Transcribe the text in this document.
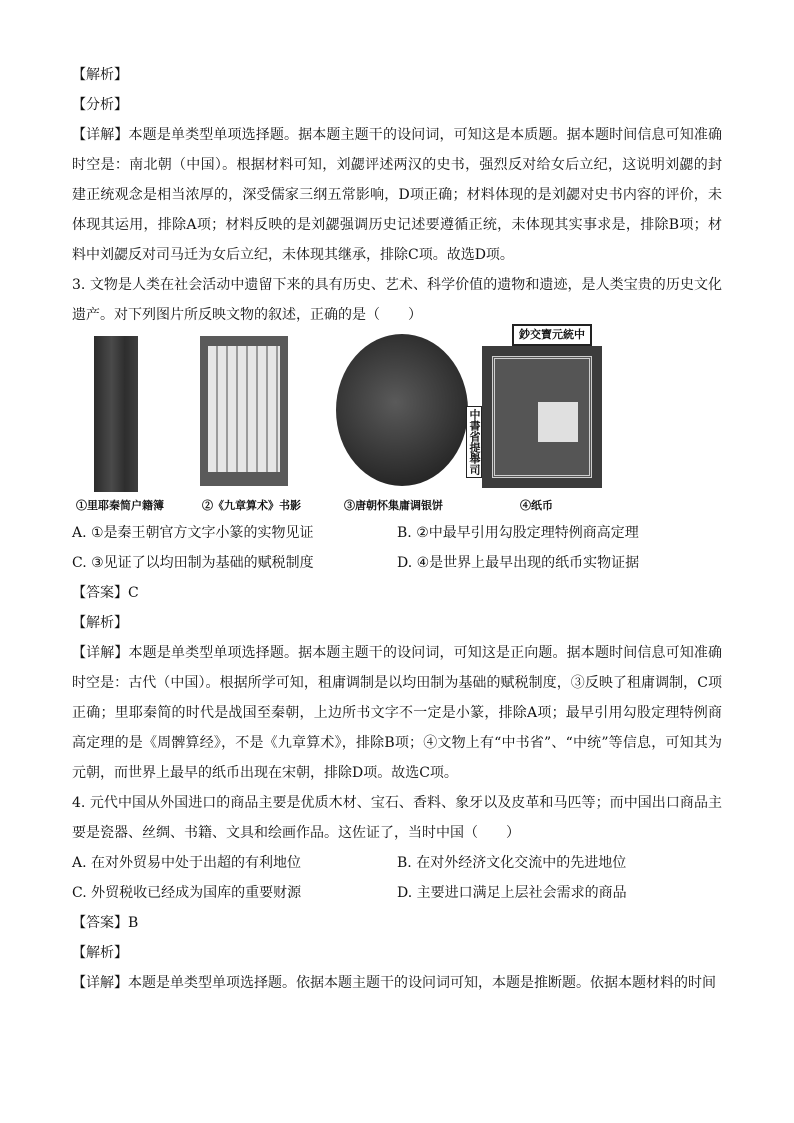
【解析】
【分析】
【详解】本题是单类型单项选择题。据本题主题干的设问词，可知这是本质题。据本题时间信息可知准确时空是：南北朝（中国）。根据材料可知，刘勰评述两汉的史书，强烈反对给女后立纪，这说明刘勰的封建正统观念是相当浓厚的，深受儒家三纲五常影响，D项正确；材料体现的是刘勰对史书内容的评价，未体现其运用，排除A项；材料反映的是刘勰强调历史记述要遵循正统，未体现其实事求是，排除B项；材料中刘勰反对司马迁为女后立纪，未体现其继承，排除C项。故选D项。
3. 文物是人类在社会活动中遗留下来的具有历史、艺术、科学价值的遗物和遗迹，是人类宝贵的历史文化遗产。对下列图片所反映文物的叙述，正确的是（　　）
①里耶秦简户籍簿	②《九章算术》书影	③唐朝怀集庸调银饼
鈔交寶元統中
中書省提舉司
④纸币
A. ①是秦王朝官方文字小篆的实物见证	B. ②中最早引用勾股定理特例商高定理
C. ③见证了以均田制为基础的赋税制度	D. ④是世界上最早出现的纸币实物证据
【答案】C
【解析】
【详解】本题是单类型单项选择题。据本题主题干的设问词，可知这是正向题。据本题时间信息可知准确时空是：古代（中国）。根据所学可知，租庸调制是以均田制为基础的赋税制度，③反映了租庸调制，C项正确；里耶秦简的时代是战国至秦朝，上边所书文字不一定是小篆，排除A项；最早引用勾股定理特例商高定理的是《周髀算经》，不是《九章算术》，排除B项；④文物上有“中书省”、“中统”等信息，可知其为元朝，而世界上最早的纸币出现在宋朝，排除D项。故选C项。
4. 元代中国从外国进口的商品主要是优质木材、宝石、香料、象牙以及皮革和马匹等；而中国出口商品主要是瓷器、丝绸、书籍、文具和绘画作品。这佐证了，当时中国（　　）
A. 在对外贸易中处于出超的有利地位	B. 在对外经济文化交流中的先进地位
C. 外贸税收已经成为国库的重要财源	D. 主要进口满足上层社会需求的商品
【答案】B
【解析】
【详解】本题是单类型单项选择题。依据本题主题干的设问词可知，本题是推断题。依据本题材料的时间
